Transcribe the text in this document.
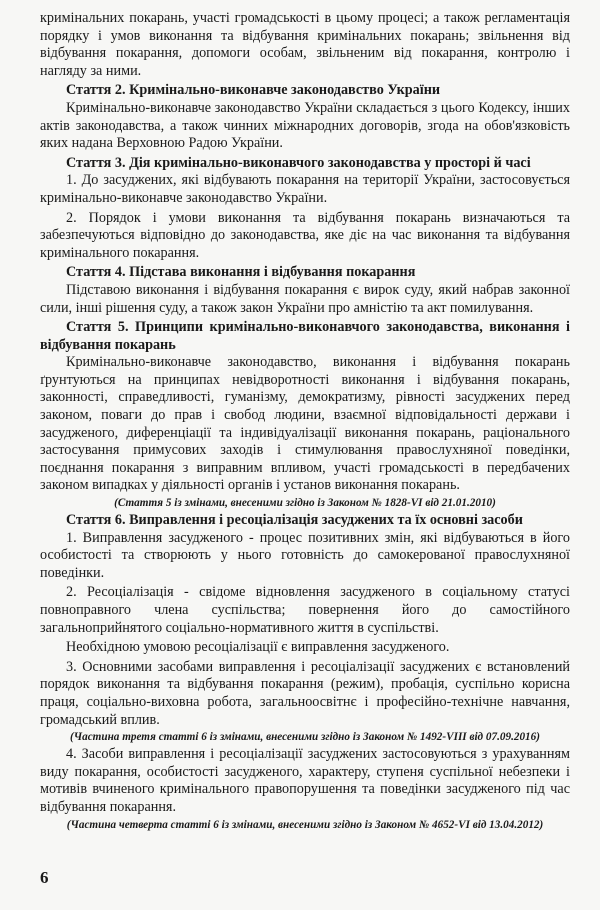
кримінальних покарань, участі громадськості в цьому процесі; а також регламентація порядку і умов виконання та відбування кримінальних покарань; звільнення від відбування покарання, допомоги особам, звільненим від покарання, контролю і нагляду за ними.

Стаття 2. Кримінально-виконавче законодавство України

Кримінально-виконавче законодавство України складається з цього Кодексу, інших актів законодавства, а також чинних міжнародних договорів, згода на обов'язковість яких надана Верховною Радою України.

Стаття 3. Дія кримінально-виконавчого законодавства у просторі й часі

1. До засуджених, які відбувають покарання на території України, застосовується кримінально-виконавче законодавство України.

2. Порядок і умови виконання та відбування покарань визначаються та забезпечуються відповідно до законодавства, яке діє на час виконання та відбування кримінального покарання.

Стаття 4. Підстава виконання і відбування покарання

Підставою виконання і відбування покарання є вирок суду, який набрав законної сили, інші рішення суду, а також закон України про амністію та акт помилування.

Стаття 5. Принципи кримінально-виконавчого законодавства, виконання і відбування покарань

Кримінально-виконавче законодавство, виконання і відбування покарань ґрунтуються на принципах невідворотності виконання і відбування покарань, законності, справедливості, гуманізму, демократизму, рівності засуджених перед законом, поваги до прав і свобод людини, взаємної відповідальності держави і засудженого, диференціації та індивідуалізації виконання покарань, раціонального застосування примусових заходів і стимулювання правослухняної поведінки, поєднання покарання з виправним впливом, участі громадськості в передбачених законом випадках у діяльності органів і установ виконання покарань.

(Стаття 5 із змінами, внесеними згідно із Законом № 1828-VI від 21.01.2010)

Стаття 6. Виправлення і ресоціалізація засуджених та їх основні засоби

1. Виправлення засудженого - процес позитивних змін, які відбуваються в його особистості та створюють у нього готовність до самокерованої правослухняної поведінки.

2. Ресоціалізація - свідоме відновлення засудженого в соціальному статусі повноправного члена суспільства; повернення його до самостійного загальноприйнятого соціально-нормативного життя в суспільстві.

Необхідною умовою ресоціалізації є виправлення засудженого.

3. Основними засобами виправлення і ресоціалізації засуджених є встановлений порядок виконання та відбування покарання (режим), пробація, суспільно корисна праця, соціально-виховна робота, загальноосвітнє і професійно-технічне навчання, громадський вплив.

(Частина третя статті 6 із змінами, внесеними згідно із Законом № 1492-VIII від 07.09.2016)

4. Засоби виправлення і ресоціалізації засуджених застосовуються з урахуванням виду покарання, особистості засудженого, характеру, ступеня суспільної небезпеки і мотивів вчиненого кримінального правопорушення та поведінки засудженого під час відбування покарання.

(Частина четверта статті 6 із змінами, внесеними згідно із Законом № 4652-VI від 13.04.2012)

6
